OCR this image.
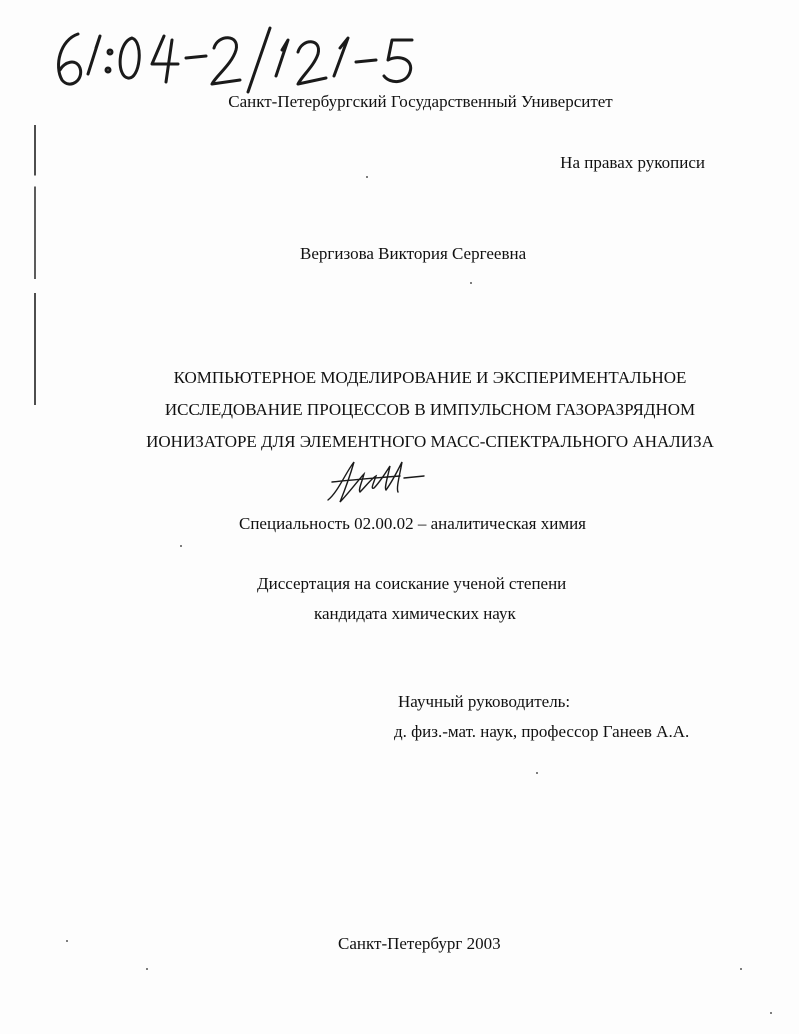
Санкт-Петербургский Государственный Университет
На правах рукописи
Вергизова Виктория Сергеевна
КОМПЬЮТЕРНОЕ МОДЕЛИРОВАНИЕ И ЭКСПЕРИМЕНТАЛЬНОЕ
ИССЛЕДОВАНИЕ ПРОЦЕССОВ В ИМПУЛЬСНОМ ГАЗОРАЗРЯДНОМ
ИОНИЗАТОРЕ ДЛЯ ЭЛЕМЕНТНОГО МАСС-СПЕКТРАЛЬНОГО АНАЛИЗА
Специальность 02.00.02 – аналитическая химия
Диссертация на соискание ученой степени
кандидата химических наук
Научный руководитель:
д. физ.-мат. наук, профессор Ганеев А.А.
Санкт-Петербург 2003
